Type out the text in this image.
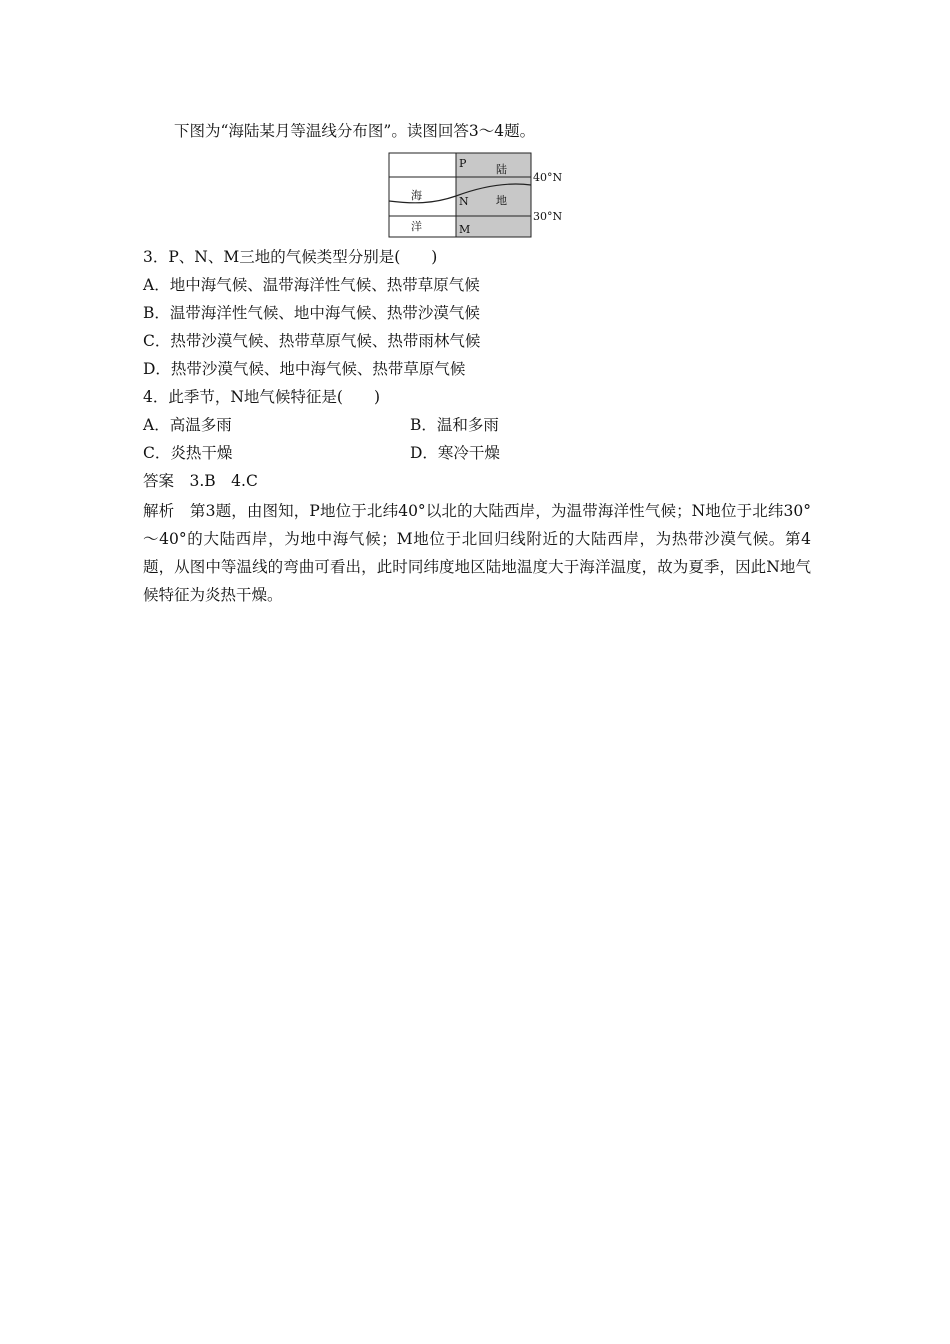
下图为“海陆某月等温线分布图”。读图回答3～4题。
P	陆
海	N 地
洋	M
40°N
30°N
3．P、N、M三地的气候类型分别是(　　)
A．地中海气候、温带海洋性气候、热带草原气候
B．温带海洋性气候、地中海气候、热带沙漠气候
C．热带沙漠气候、热带草原气候、热带雨林气候
D．热带沙漠气候、地中海气候、热带草原气候
4．此季节，N地气候特征是(　　)
A．高温多雨	B．温和多雨
C．炎热干燥	D．寒冷干燥
答案　3.B　4.C
解析　第3题，由图知，P地位于北纬40°以北的大陆西岸，为温带海洋性气候；N地位于北纬30°～40°的大陆西岸，为地中海气候；M地位于北回归线附近的大陆西岸，为热带沙漠气候。第4题，从图中等温线的弯曲可看出，此时同纬度地区陆地温度大于海洋温度，故为夏季，因此N地气候特征为炎热干燥。
